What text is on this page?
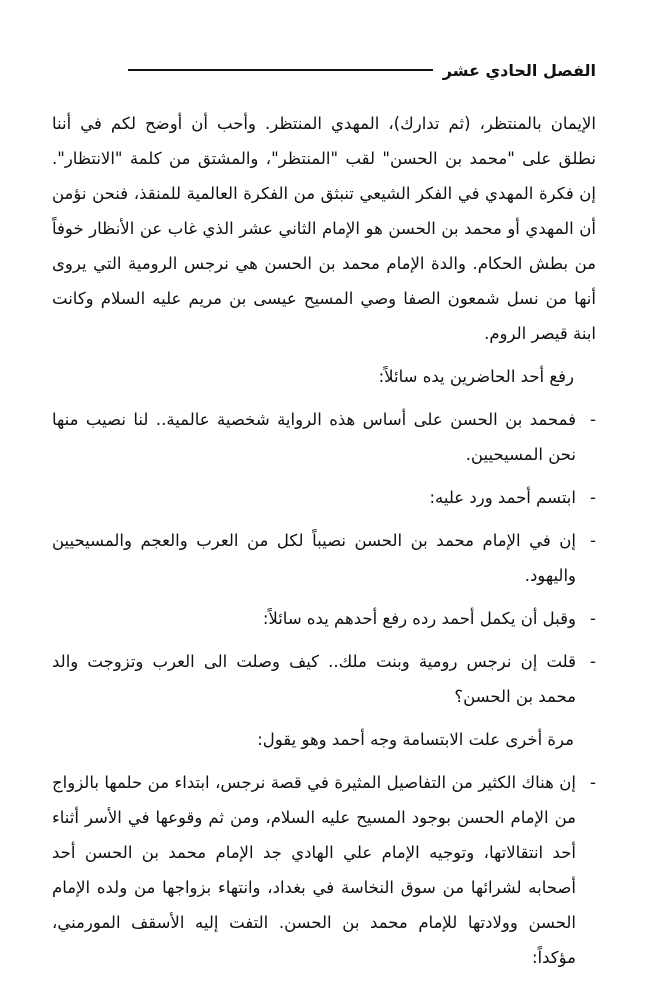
الفصل الحادي عشر

الإيمان بالمنتظر، (ثم تدارك)، المهدي المنتظر. وأحب أن أوضح لكم في أننا نطلق على "محمد بن الحسن" لقب "المنتظر"، والمشتق من كلمة "الانتظار". إن فكرة المهدي في الفكر الشيعي تنبثق من الفكرة العالمية للمنقذ، فنحن نؤمن أن المهدي أو محمد بن الحسن هو الإمام الثاني عشر الذي غاب عن الأنظار خوفاً من بطش الحكام. والدة الإمام محمد بن الحسن هي نرجس الرومية التي يروى أنها من نسل شمعون الصفا وصي المسيح عيسى بن مريم عليه السلام وكانت ابنة قيصر الروم.

رفع أحد الحاضرين يده سائلاً:

-
فمحمد بن الحسن على أساس هذه الرواية شخصية عالمية.. لنا نصيب منها نحن المسيحيين.
-
ابتسم أحمد ورد عليه:
-
إن في الإمام محمد بن الحسن نصيباً لكل من العرب والعجم والمسيحيين واليهود.
-
وقبل أن يكمل أحمد رده رفع أحدهم يده سائلاً:
-
قلت إن نرجس رومية وبنت ملك.. كيف وصلت الى العرب وتزوجت والد محمد بن الحسن؟

مرة أخرى علت الابتسامة وجه أحمد وهو يقول:

-
إن هناك الكثير من التفاصيل المثيرة في قصة نرجس، ابتداء من حلمها بالزواج من الإمام الحسن بوجود المسيح عليه السلام، ومن ثم وقوعها في الأسر أثناء أحد انتقالاتها، وتوجيه الإمام علي الهادي جد الإمام محمد بن الحسن أحد أصحابه لشرائها من سوق النخاسة في بغداد، وانتهاء بزواجها من ولده الإمام الحسن وولادتها للإمام محمد بن الحسن. التفت إليه الأسقف المورمني، مؤكداً:
